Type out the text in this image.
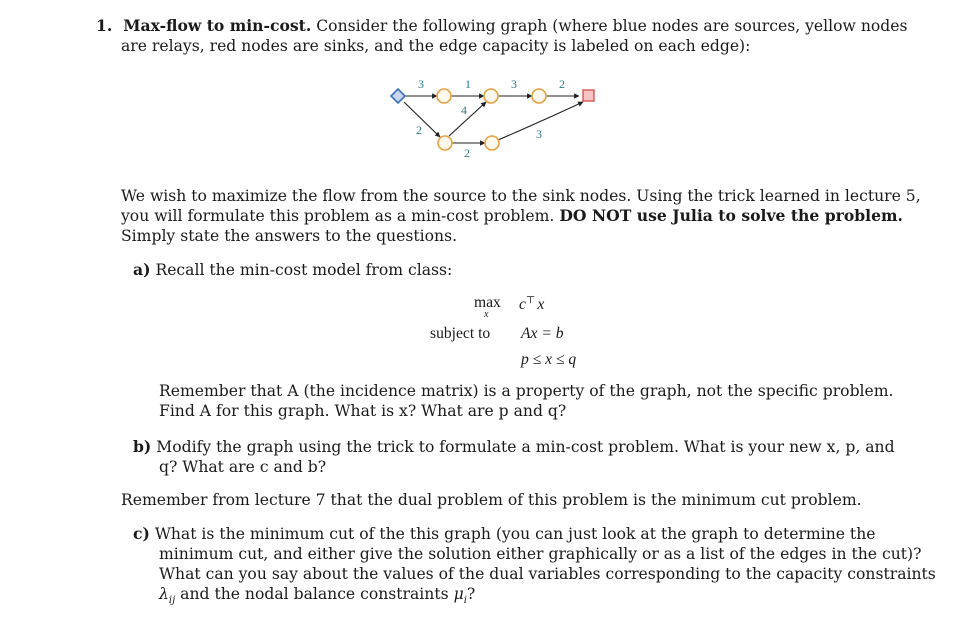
1. Max-flow to min-cost. Consider the following graph (where blue nodes are sources, yellow nodes
are relays, red nodes are sinks, and the edge capacity is labeled on each edge):
3	1	3	2
4
2	3
2
We wish to maximize the flow from the source to the sink nodes. Using the trick learned in lecture 5,
you will formulate this problem as a min-cost problem. DO NOT use Julia to solve the problem.
Simply state the answers to the questions.
a) Recall the min-cost model from class:
max
x
c⊤ x
subject to Ax = b
p ≤ x ≤ q
Remember that A (the incidence matrix) is a property of the graph, not the specific problem.
Find A for this graph. What is x? What are p and q?
b) Modify the graph using the trick to formulate a min-cost problem. What is your new x, p, and
q? What are c and b?
Remember from lecture 7 that the dual problem of this problem is the minimum cut problem.
c) What is the minimum cut of the this graph (you can just look at the graph to determine the
minimum cut, and either give the solution either graphically or as a list of the edges in the cut)?
What can you say about the values of the dual variables corresponding to the capacity constraints
$\lambda_{ij}$ and the nodal balance constraints $\mu_i$?
